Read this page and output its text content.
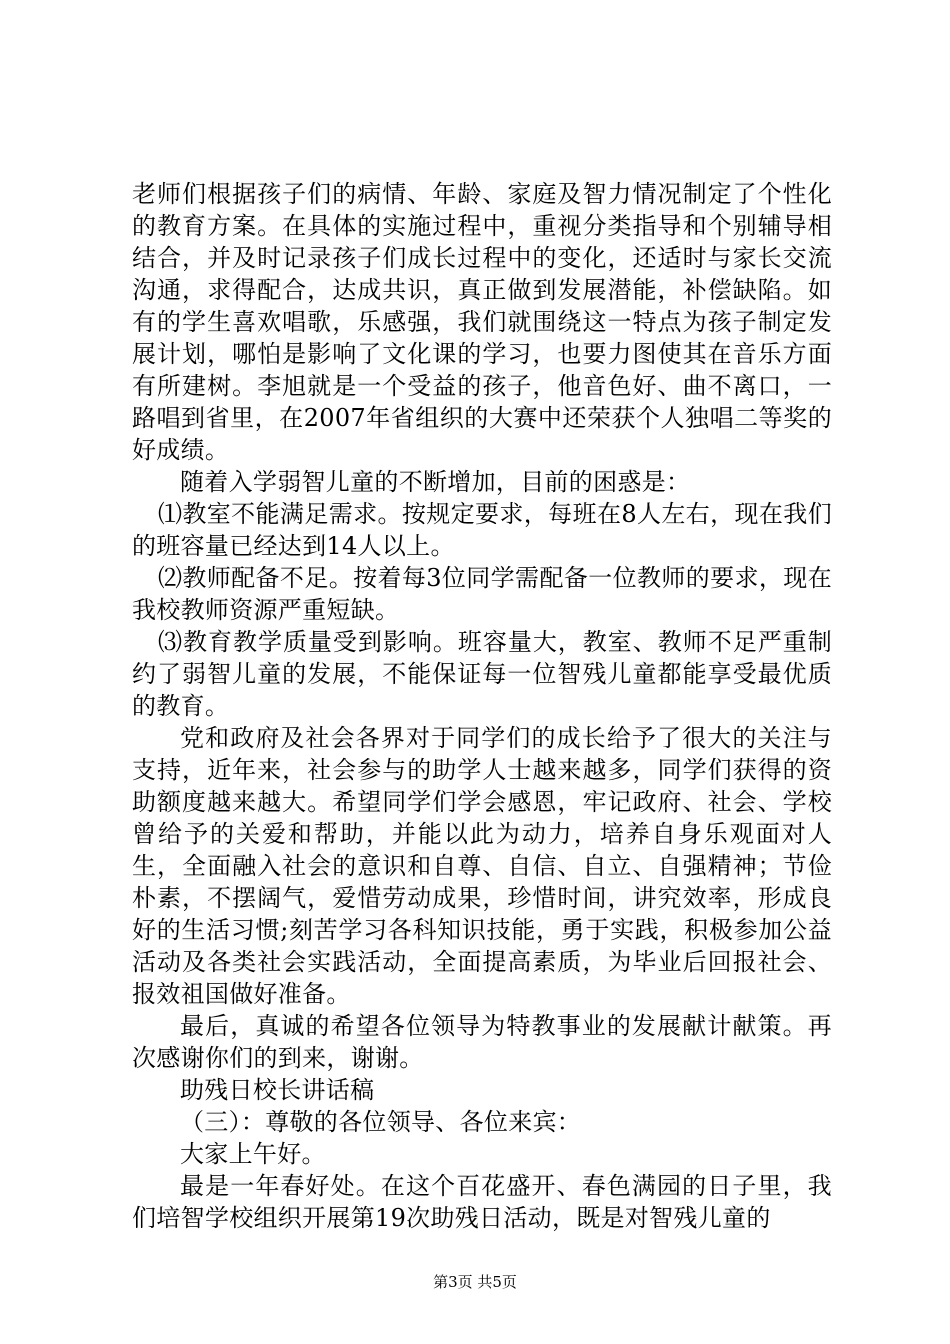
老师们根据孩子们的病情、年龄、家庭及智力情况制定了个性化的教育方案。在具体的实施过程中，重视分类指导和个别辅导相结合，并及时记录孩子们成长过程中的变化，还适时与家长交流沟通，求得配合，达成共识，真正做到发展潜能，补偿缺陷。如有的学生喜欢唱歌，乐感强，我们就围绕这一特点为孩子制定发展计划，哪怕是影响了文化课的学习，也要力图使其在音乐方面有所建树。李旭就是一个受益的孩子，他音色好、曲不离口，一路唱到省里，在2007年省组织的大赛中还荣获个人独唱二等奖的好成绩。

随着入学弱智儿童的不断增加，目前的困惑是：

⑴教室不能满足需求。按规定要求，每班在8人左右，现在我们的班容量已经达到14人以上。

⑵教师配备不足。按着每3位同学需配备一位教师的要求，现在我校教师资源严重短缺。

⑶教育教学质量受到影响。班容量大，教室、教师不足严重制约了弱智儿童的发展，不能保证每一位智残儿童都能享受最优质的教育。

党和政府及社会各界对于同学们的成长给予了很大的关注与支持，近年来，社会参与的助学人士越来越多，同学们获得的资助额度越来越大。希望同学们学会感恩，牢记政府、社会、学校曾给予的关爱和帮助，并能以此为动力，培养自身乐观面对人生，全面融入社会的意识和自尊、自信、自立、自强精神；节俭朴素，不摆阔气，爱惜劳动成果，珍惜时间，讲究效率，形成良好的生活习惯;刻苦学习各科知识技能，勇于实践，积极参加公益活动及各类社会实践活动，全面提高素质，为毕业后回报社会、报效祖国做好准备。

最后，真诚的希望各位领导为特教事业的发展献计献策。再次感谢你们的到来，谢谢。

助残日校长讲话稿

（三）：尊敬的各位领导、各位来宾：

大家上午好。

最是一年春好处。在这个百花盛开、春色满园的日子里，我们培智学校组织开展第19次助残日活动，既是对智残儿童的

第3页 共5页
